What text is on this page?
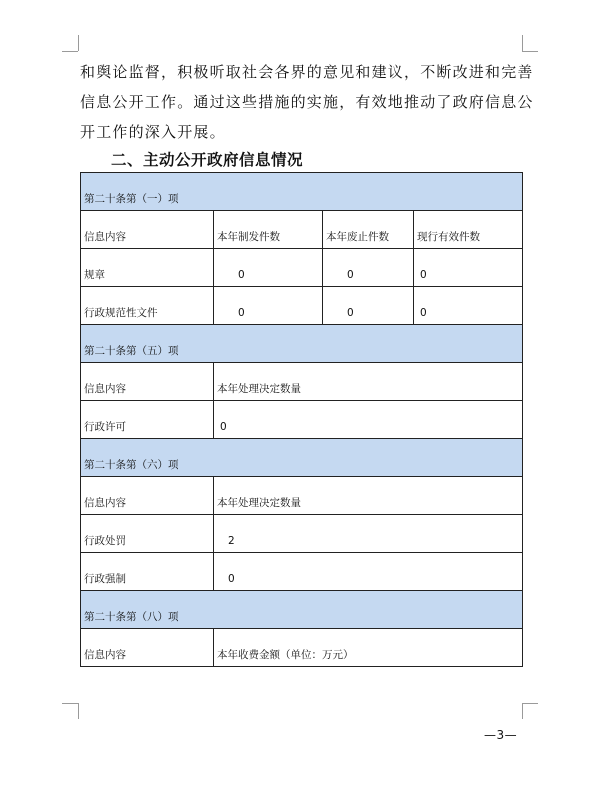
和舆论监督，积极听取社会各界的意见和建议，不断改进和完善
信息公开工作。通过这些措施的实施，有效地推动了政府信息公
开工作的深入开展。
二、主动公开政府信息情况
第二十条第（一）项			
信息内容	本年制发件数	本年废止件数	现行有效件数
规章	0	0	0
行政规范性文件	0	0	0
第二十条第（五）项			
信息内容	本年处理决定数量		
行政许可	0		
第二十条第（六）项			
信息内容	本年处理决定数量		
行政处罚	2		
行政强制	0		
第二十条第（八）项			
信息内容	本年收费金额（单位：万元）		
—3—
